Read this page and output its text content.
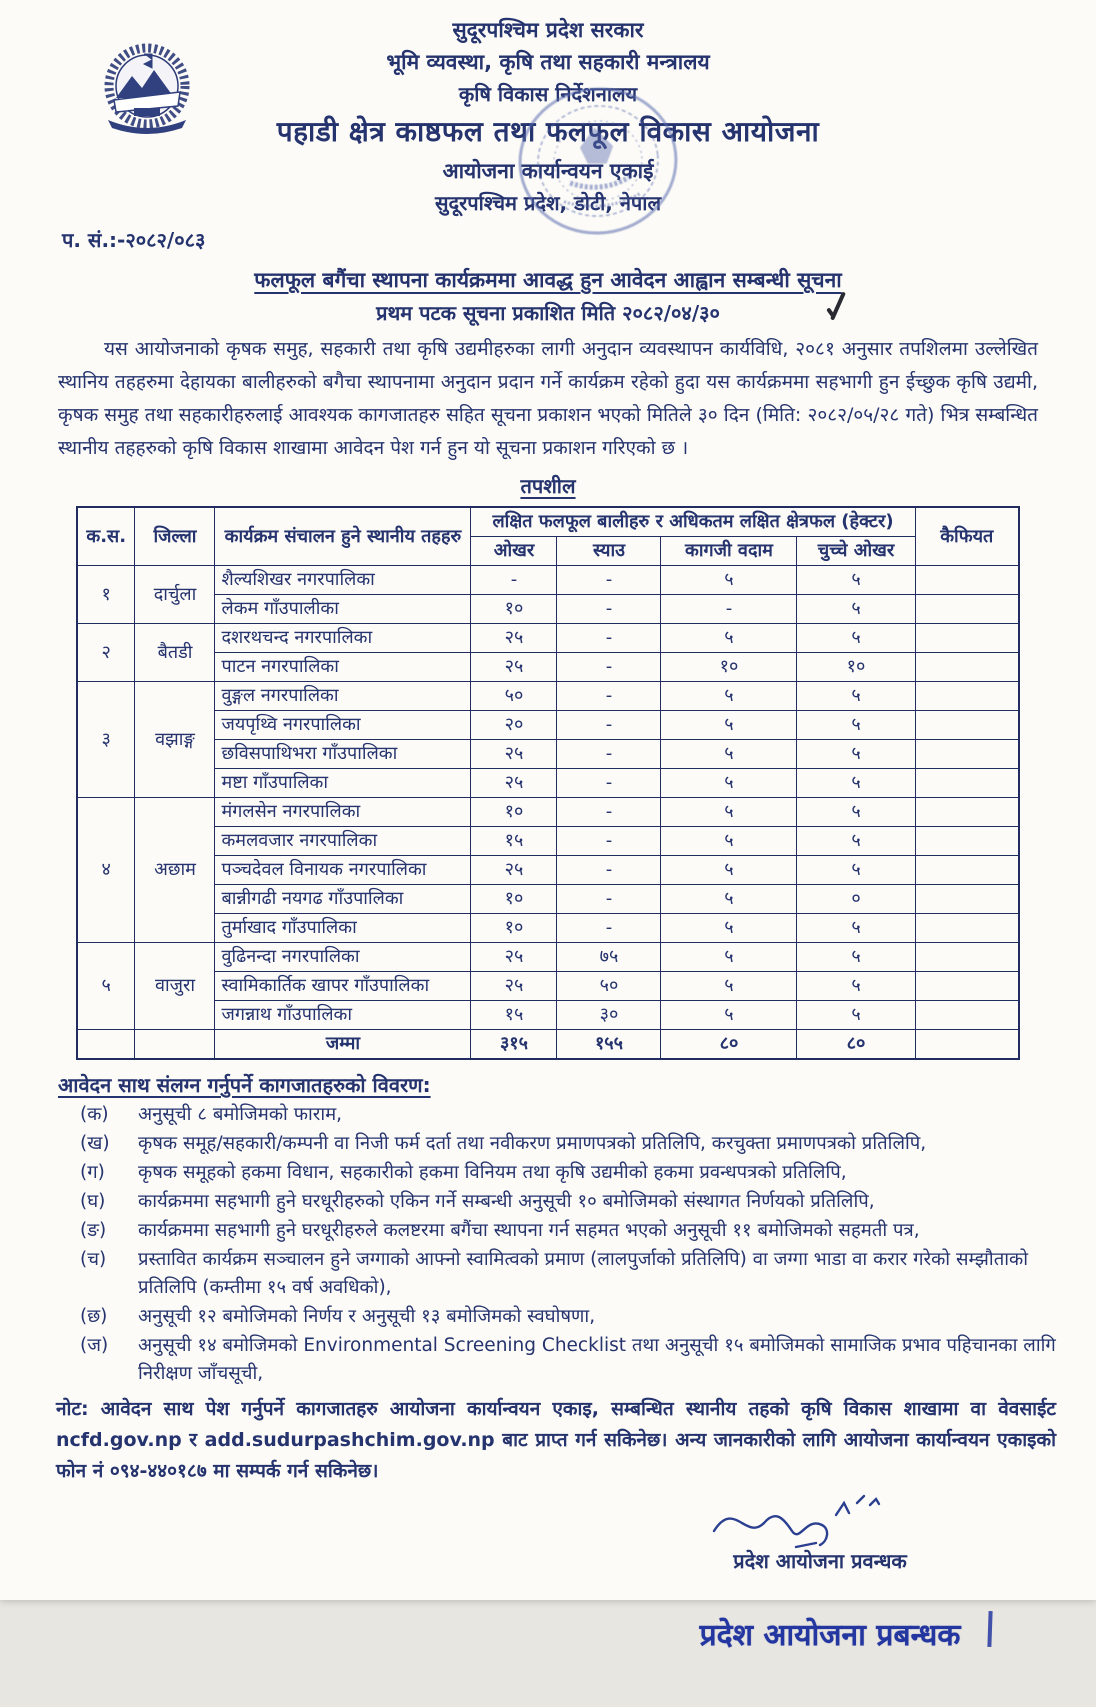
सुदूरपश्चिम प्रदेश सरकार
भूमि व्यवस्था, कृषि तथा सहकारी मन्त्रालय
कृषि विकास निर्देशनालय
पहाडी क्षेत्र काष्ठफल तथा फलफूल विकास आयोजना
आयोजना कार्यान्वयन एकाई
सुदूरपश्चिम प्रदेश, डोटी, नेपाल
प. सं.:-२०८२/०८३
फलफूल बगैंचा स्थापना कार्यक्रममा आवद्ध हुन आवेदन आह्वान सम्बन्धी सूचना
प्रथम पटक सूचना प्रकाशित मिति २०८२/०४/३०
यस आयोजनाको कृषक समुह, सहकारी तथा कृषि उद्यमीहरुका लागी अनुदान व्यवस्थापन कार्यविधि, २०८१ अनुसार तपशिलमा उल्लेखित स्थानिय तहहरुमा देहायका बालीहरुको बगैचा स्थापनामा अनुदान प्रदान गर्ने कार्यक्रम रहेको हुदा यस कार्यक्रममा सहभागी हुन ईच्छुक कृषि उद्यमी, कृषक समुह तथा सहकारीहरुलाई आवश्यक कागजातहरु सहित सूचना प्रकाशन भएको मितिले ३० दिन (मिति: २०८२/०५/२८ गते) भित्र सम्बन्धित स्थानीय तहहरुको कृषि विकास शाखामा आवेदन पेश गर्न हुन यो सूचना प्रकाशन गरिएको छ ।
तपशील
क.स.	जिल्ला	कार्यक्रम संचालन हुने स्थानीय तहहरु	लक्षित फलफूल बालीहरु र अधिकतम लक्षित क्षेत्रफल (हेक्टर)				कैफियत
			ओखर	स्याउ	कागजी वदाम	चुच्चे ओखर	
१	दार्चुला	शैल्यशिखर नगरपालिका	-	-	५	५	
		लेकम गाँउपालीका	१०	-	-	५	
२	बैतडी	दशरथचन्द नगरपालिका	२५	-	५	५	
		पाटन नगरपालिका	२५	-	१०	१०	
३	वझाङ्ग	वुङ्गल नगरपालिका	५०	-	५	५	
		जयपृथ्वि नगरपालिका	२०	-	५	५	
		छविसपाथिभरा गाँउपालिका	२५	-	५	५	
		मष्टा गाँउपालिका	२५	-	५	५	
४	अछाम	मंगलसेन नगरपालिका	१०	-	५	५	
		कमलवजार नगरपालिका	१५	-	५	५	
		पञ्चदेवल विनायक नगरपालिका	२५	-	५	५	
		बान्नीगढी नयगढ गाँउपालिका	१०	-	५	०	
		तुर्माखाद गाँउपालिका	१०	-	५	५	
५	वाजुरा	वुढिनन्दा नगरपालिका	२५	७५	५	५	
		स्वामिकार्तिक खापर गाँउपालिका	२५	५०	५	५	
		जगन्नाथ गाँउपालिका	१५	३०	५	५	
		जम्मा	३१५	१५५	८०	८०	
आवेदन साथ संलग्न गर्नुपर्ने कागजातहरुको विवरण:
(क)	अनुसूची ८ बमोजिमको फाराम,
(ख)	कृषक समूह/सहकारी/कम्पनी वा निजी फर्म दर्ता तथा नवीकरण प्रमाणपत्रको प्रतिलिपि, करचुक्ता प्रमाणपत्रको प्रतिलिपि,
(ग)	कृषक समूहको हकमा विधान, सहकारीको हकमा विनियम तथा कृषि उद्यमीको हकमा प्रवन्धपत्रको प्रतिलिपि,
(घ)	कार्यक्रममा सहभागी हुने घरधूरीहरुको एकिन गर्ने सम्बन्धी अनुसूची १० बमोजिमको संस्थागत निर्णयको प्रतिलिपि,
(ङ)	कार्यक्रममा सहभागी हुने घरधूरीहरुले कलष्टरमा बगैंचा स्थापना गर्न सहमत भएको अनुसूची ११ बमोजिमको सहमती पत्र,
(च)	प्रस्तावित कार्यक्रम सञ्चालन हुने जग्गाको आफ्नो स्वामित्वको प्रमाण (लालपुर्जाको प्रतिलिपि) वा जग्गा भाडा वा करार गरेको सम्झौताको प्रतिलिपि (कम्तीमा १५ वर्ष अवधिको),
(छ)	अनुसूची १२ बमोजिमको निर्णय र अनुसूची १३ बमोजिमको स्वघोषणा,
(ज)	अनुसूची १४ बमोजिमको Environmental Screening Checklist तथा अनुसूची १५ बमोजिमको सामाजिक प्रभाव पहिचानका लागि निरीक्षण जाँचसूची,
नोट: आवेदन साथ पेश गर्नुपर्ने कागजातहरु आयोजना कार्यान्वयन एकाइ, सम्बन्धित स्थानीय तहको कृषि विकास शाखामा वा वेवसाईट ncfd.gov.np र add.sudurpashchim.gov.np बाट प्राप्त गर्न सकिनेछ। अन्य जानकारीको लागि आयोजना कार्यान्वयन एकाइको फोन नं ०९४-४४०१८७ मा सम्पर्क गर्न सकिनेछ।
प्रदेश आयोजना प्रवन्धक
प्रदेश आयोजना प्रबन्धक
